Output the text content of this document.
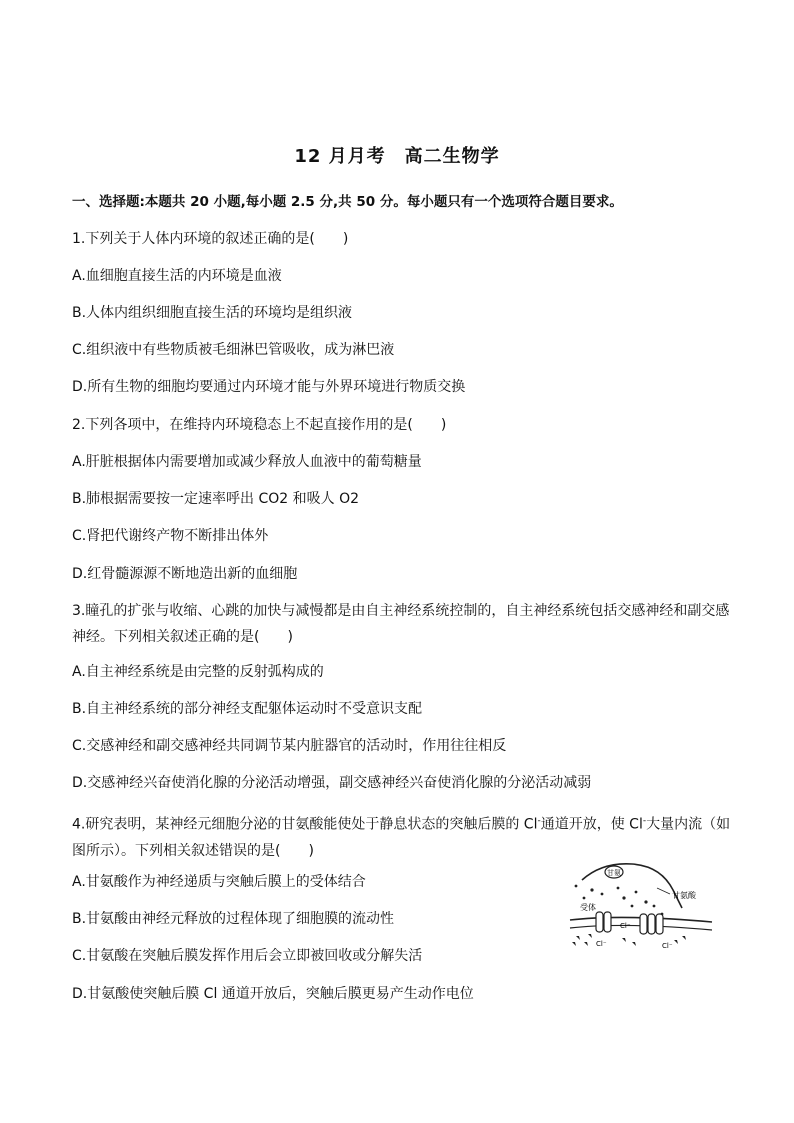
12 月月考　高二生物学
一、选择题:本题共 20 小题,每小题 2.5 分,共 50 分。每小题只有一个选项符合题目要求。
1.下列关于人体内环境的叙述正确的是(　　)
A.血细胞直接生活的内环境是血液
B.人体内组织细胞直接生活的环境均是组织液
C.组织液中有些物质被毛细淋巴管吸收，成为淋巴液
D.所有生物的细胞均要通过内环境才能与外界环境进行物质交换
2.下列各项中，在维持内环境稳态上不起直接作用的是(　　)
A.肝脏根据体内需要增加或减少释放人血液中的葡萄糖量
B.肺根据需要按一定速率呼出 CO2 和吸人 O2
C.肾把代谢终产物不断排出体外
D.红骨髓源源不断地造出新的血细胞
3.瞳孔的扩张与收缩、心跳的加快与减慢都是由自主神经系统控制的，自主神经系统包括交感神经和副交感神经。下列相关叙述正确的是(　　)
A.自主神经系统是由完整的反射弧构成的
B.自主神经系统的部分神经支配躯体运动时不受意识支配
C.交感神经和副交感神经共同调节某内脏器官的活动时，作用往往相反
D.交感神经兴奋使消化腺的分泌活动增强，副交感神经兴奋使消化腺的分泌活动减弱
4.研究表明，某神经元细胞分泌的甘氨酸能使处于静息状态的突触后膜的 Cl-通道开放，使 Cl-大量内流（如图所示）。下列相关叙述错误的是(　　)
A.甘氨酸作为神经递质与突触后膜上的受体结合
B.甘氨酸由神经元释放的过程体现了细胞膜的流动性
C.甘氨酸在突触后膜发挥作用后会立即被回收或分解失活
D.甘氨酸使突触后膜 Cl 通道开放后，突触后膜更易产生动作电位
甘氨
甘氨酸
受体
Cl⁻
Cl⁻	Cl⁻
